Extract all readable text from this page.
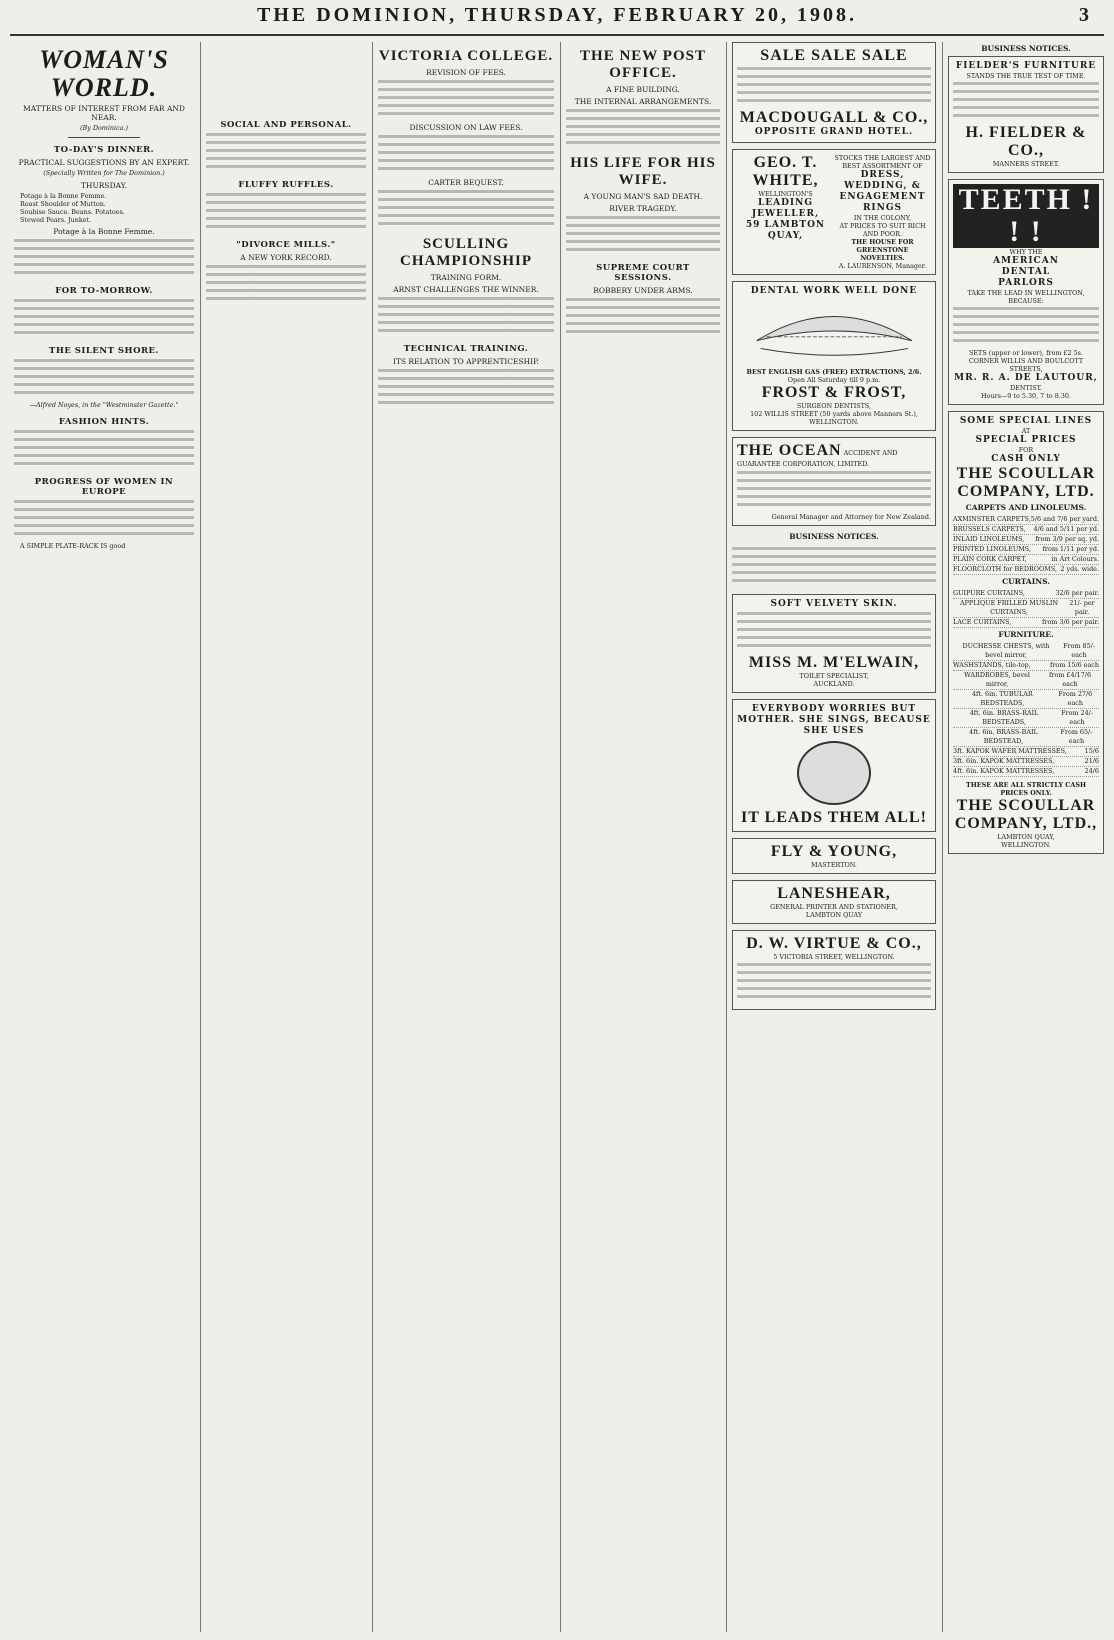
THE DOMINION, THURSDAY, FEBRUARY 20, 1908.	3
WOMAN'S WORLD.
MATTERS OF INTEREST FROM FAR AND NEAR.
(By Dominica.)
TO-DAY'S DINNER.
PRACTICAL SUGGESTIONS BY AN EXPERT.
(Specially Written for The Dominion.)
THURSDAY.
Potage à la Bonne Femme.
Roast Shoulder of Mutton.
Soubise Sauce. Beans. Potatoes.
Stewed Pears. Junket.
Potage à la Bonne Femme.

FOR TO-MORROW.

THE SILENT SHORE.

—Alfred Noyes, in the "Westminster Gazette."
FASHION HINTS.

PROGRESS OF WOMEN IN EUROPE

A SIMPLE PLATE-RACK IS good

SOCIAL AND PERSONAL.

FLUFFY RUFFLES.

"DIVORCE MILLS."
A NEW YORK RECORD.

VICTORIA COLLEGE.
REVISION OF FEES.

DISCUSSION ON LAW FEES.

CARTER BEQUEST.

SCULLING CHAMPIONSHIP
TRAINING FORM.
ARNST CHALLENGES THE WINNER.

TECHNICAL TRAINING.
ITS RELATION TO APPRENTICESHIP.

THE NEW POST OFFICE.
A FINE BUILDING.
THE INTERNAL ARRANGEMENTS.

HIS LIFE FOR HIS WIFE.
A YOUNG MAN'S SAD DEATH.
RIVER TRAGEDY.

SUPREME COURT SESSIONS.
ROBBERY UNDER ARMS.

SALE SALE SALE

MACDOUGALL & CO.,
OPPOSITE GRAND HOTEL.
GEO. T. WHITE,
WELLINGTON'S
LEADING JEWELLER,
59 LAMBTON QUAY,
STOCKS THE LARGEST AND BEST ASSORTMENT OF
DRESS, WEDDING, & ENGAGEMENT RINGS
IN THE COLONY,
AT PRICES TO SUIT RICH AND POOR.
THE HOUSE FOR GREENSTONE NOVELTIES.
A. LAURENSON, Manager.
DENTAL WORK WELL DONE
BEST ENGLISH GAS (FREE) EXTRACTIONS, 2/6.
Open All Saturday till 9 p.m.
FROST & FROST,
SURGEON DENTISTS,
102 WILLIS STREET (50 yards above Manners St.), WELLINGTON.
THE OCEAN ACCIDENT AND GUARANTEE CORPORATION, LIMITED.

General Manager and Attorney for New Zealand.
BUSINESS NOTICES.

SOFT VELVETY SKIN.

MISS M. M'ELWAIN,
TOILET SPECIALIST,
AUCKLAND.
EVERYBODY WORRIES BUT MOTHER. SHE SINGS, BECAUSE SHE USES
IT LEADS THEM ALL!
FLY & YOUNG,
MASTERTON.
LANESHEAR,
GENERAL PRINTER AND STATIONER,
LAMBTON QUAY
D. W. VIRTUE & CO.,
5 VICTORIA STREET, WELLINGTON.

BUSINESS NOTICES.
FIELDER'S FURNITURE
STANDS THE TRUE TEST OF TIME.

H. FIELDER & CO.,
MANNERS STREET.
TEETH ! ! !
WHY THE
AMERICAN
DENTAL
PARLORS
TAKE THE LEAD IN WELLINGTON,
BECAUSE:

SETS (upper or lower), from £2 5s.
CORNER WILLIS AND BOULCOTT STREETS,
MR. R. A. DE LAUTOUR,
DENTIST.
Hours—9 to 5.30, 7 to 8.30.
SOME SPECIAL LINES
AT
SPECIAL PRICES
FOR
CASH ONLY
THE SCOULLAR COMPANY, LTD.
CARPETS AND LINOLEUMS.
AXMINSTER CARPETS, 5/6 and 7/6 per yard.
BRUSSELS CARPETS, 4/6 and 5/11 per yd.
INLAID LINOLEUMS, from 3/9 per sq. yd.
PRINTED LINOLEUMS, from 1/11 per yd.
PLAIN CORK CARPET,	in Art Colours.
FLOORCLOTH for BEDROOMS, 2 yds. wide.
CURTAINS.
GUIPURE CURTAINS,	32/6 per pair.
APPLIQUE FRILLED MUSLIN CURTAINS,
21/- per pair.
LACE CURTAINS,	from 3/6 per pair.
FURNITURE.
DUCHESSE CHESTS, with bevel mirror,
From 85/- each
WASHSTANDS, tile-top,	from 15/6 each
WARDROBES, bevel mirror,
from £4/17/6 each
4ft. 6in. TUBULAR BEDSTEADS,
From 27/6 each
4ft. 6in. BRASS-RAIL BEDSTEADS,
From 24/- each
4ft. 6in. BRASS-BAIL BEDSTEAD,
From 65/- each
3ft. KAPOK WAFER MATTRESSES,	15/6
3ft. 6in. KAPOK MATTRESSES,	21/6
4ft. 6in. KAPOK MATTRESSES,	24/6
THESE ARE ALL STRICTLY CASH PRICES ONLY.
THE SCOULLAR COMPANY, LTD.,
LAMBTON QUAY,
WELLINGTON.
